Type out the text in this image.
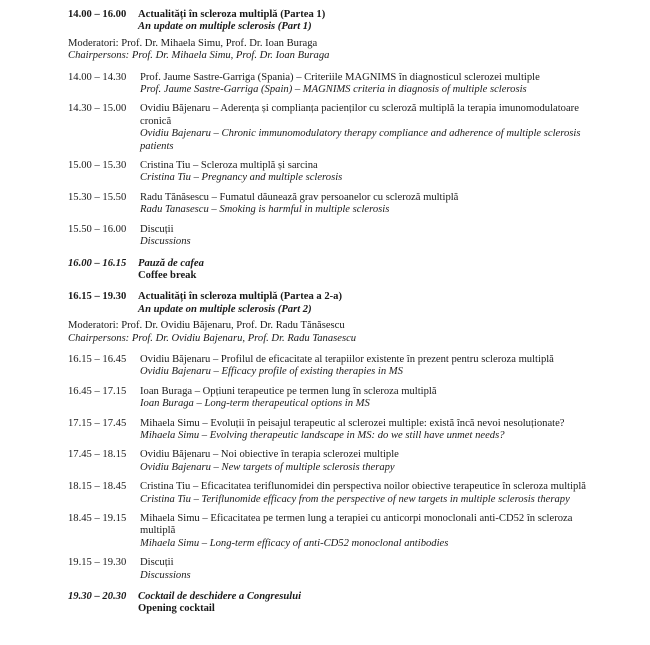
14.00 – 16.00	Actualități în scleroza multiplă (Partea 1)
An update on multiple sclerosis (Part 1)
Moderatori: Prof. Dr. Mihaela Simu, Prof. Dr. Ioan Buraga
Chairpersons: Prof. Dr. Mihaela Simu, Prof. Dr. Ioan Buraga
14.00 – 14.30	Prof. Jaume Sastre-Garriga (Spania) – Criteriile MAGNIMS în diagnosticul sclerozei multiple
Prof. Jaume Sastre-Garriga (Spain) – MAGNIMS criteria in diagnosis of multiple sclerosis
14.30 – 15.00	Ovidiu Băjenaru – Aderența și complianța pacienților cu scleroză multiplă la terapia imunomodulatoare cronică
Ovidiu Bajenaru – Chronic immunomodulatory therapy compliance and adherence of multiple sclerosis patients
15.00 – 15.30	Cristina Tiu – Scleroza multiplă și sarcina
Cristina Tiu – Pregnancy and multiple sclerosis
15.30 – 15.50	Radu Tănăsescu – Fumatul dăunează grav persoanelor cu scleroză multiplă
Radu Tanasescu – Smoking is harmful in multiple sclerosis
15.50 – 16.00	Discuții
Discussions
16.00 – 16.15	Pauză de cafea
Coffee break
16.15 – 19.30	Actualități în scleroza multiplă (Partea a 2-a)
An update on multiple sclerosis (Part 2)
Moderatori: Prof. Dr. Ovidiu Băjenaru, Prof. Dr. Radu Tănăsescu
Chairpersons: Prof. Dr. Ovidiu Bajenaru, Prof. Dr. Radu Tanasescu
16.15 – 16.45	Ovidiu Băjenaru – Profilul de eficacitate al terapiilor existente în prezent pentru scleroza multiplă
Ovidiu Bajenaru – Efficacy profile of existing therapies in MS
16.45 – 17.15	Ioan Buraga – Opțiuni terapeutice pe termen lung în scleroza multiplă
Ioan Buraga – Long-term therapeutical options in MS
17.15 – 17.45	Mihaela Simu – Evoluții în peisajul terapeutic al sclerozei multiple: există încă nevoi nesoluționate?
Mihaela Simu – Evolving therapeutic landscape in MS: do we still have unmet needs?
17.45 – 18.15	Ovidiu Băjenaru – Noi obiective în terapia sclerozei multiple
Ovidiu Bajenaru – New targets of multiple sclerosis therapy
18.15 – 18.45	Cristina Tiu – Eficacitatea teriflunomidei din perspectiva noilor obiective terapeutice în scleroza multiplă
Cristina Tiu – Teriflunomide efficacy from the perspective of new targets in multiple sclerosis therapy
18.45 – 19.15	Mihaela Simu – Eficacitatea pe termen lung a terapiei cu anticorpi monoclonali anti-CD52 în scleroza multiplă
Mihaela Simu – Long-term efficacy of anti-CD52 monoclonal antibodies
19.15 – 19.30	Discuții
Discussions
19.30 – 20.30	Cocktail de deschidere a Congresului
Opening cocktail
